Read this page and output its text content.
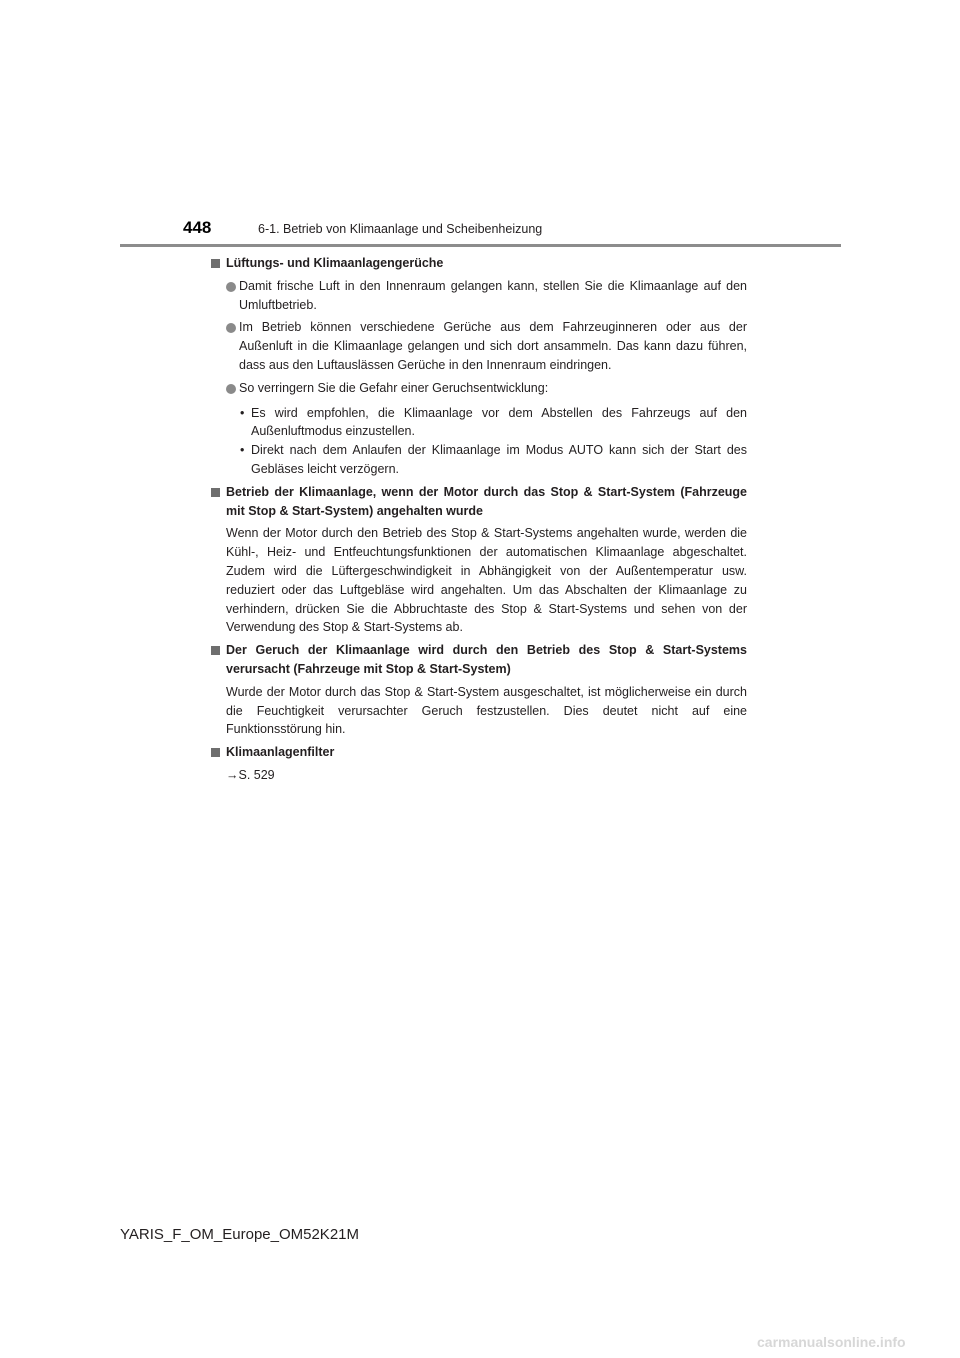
448	6-1. Betrieb von Klimaanlage und Scheibenheizung
Lüftungs- und Klimaanlagengerüche
Damit frische Luft in den Innenraum gelangen kann, stellen Sie die Klimaanlage auf den Umluftbetrieb.
Im Betrieb können verschiedene Gerüche aus dem Fahrzeuginneren oder aus der Außenluft in die Klimaanlage gelangen und sich dort ansammeln. Das kann dazu führen, dass aus den Luftauslässen Gerüche in den Innenraum eindringen.
So verringern Sie die Gefahr einer Geruchsentwicklung:
• Es wird empfohlen, die Klimaanlage vor dem Abstellen des Fahrzeugs auf den Außenluftmodus einzustellen.
• Direkt nach dem Anlaufen der Klimaanlage im Modus AUTO kann sich der Start des Gebläses leicht verzögern.
Betrieb der Klimaanlage, wenn der Motor durch das Stop & Start-System (Fahrzeuge mit Stop & Start-System) angehalten wurde
Wenn der Motor durch den Betrieb des Stop & Start-Systems angehalten wurde, werden die Kühl-, Heiz- und Entfeuchtungsfunktionen der automatischen Klimaanlage abgeschaltet. Zudem wird die Lüftergeschwindigkeit in Abhängigkeit von der Außentemperatur usw. reduziert oder das Luftgebläse wird angehalten. Um das Abschalten der Klimaanlage zu verhindern, drücken Sie die Abbruchtaste des Stop & Start-Systems und sehen von der Verwendung des Stop & Start-Systems ab.
Der Geruch der Klimaanlage wird durch den Betrieb des Stop & Start-Systems verursacht (Fahrzeuge mit Stop & Start-System)
Wurde der Motor durch das Stop & Start-System ausgeschaltet, ist möglicherweise ein durch die Feuchtigkeit verursachter Geruch festzustellen. Dies deutet nicht auf eine Funktionsstörung hin.
Klimaanlagenfilter
→S. 529
YARIS_F_OM_Europe_OM52K21M
carmanualsonline.info
